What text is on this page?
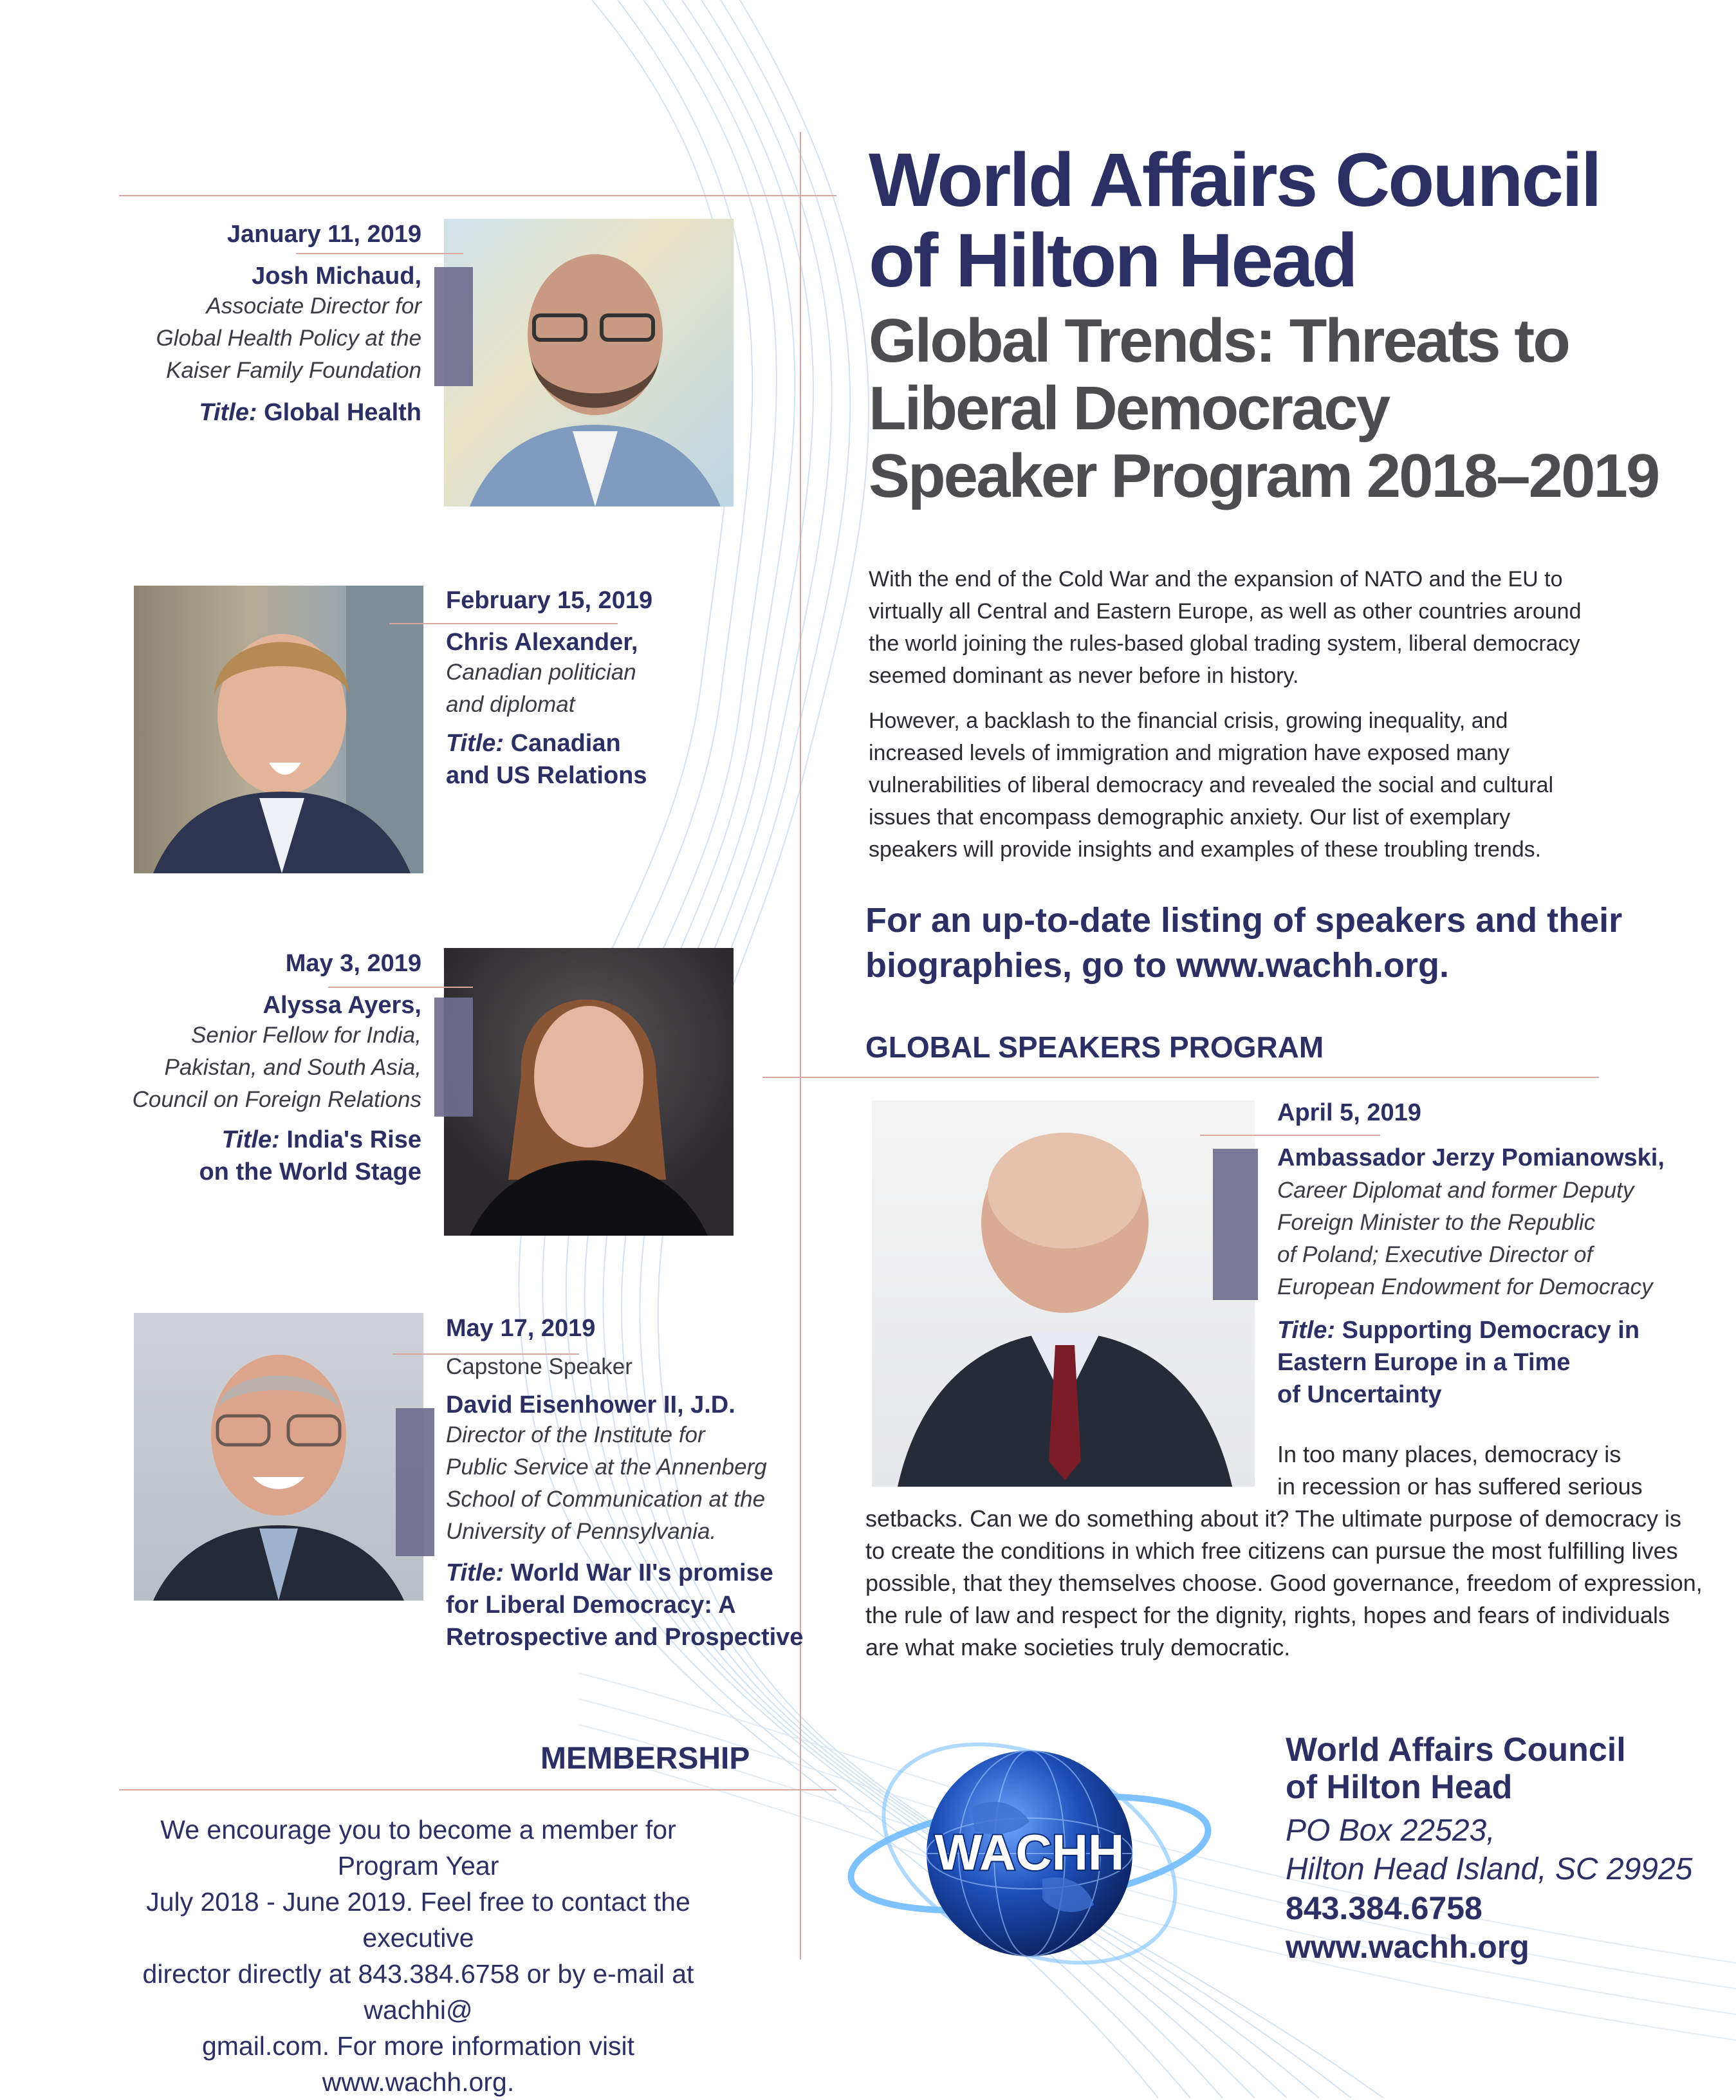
World Affairs Council
of Hilton Head
Global Trends: Threats to
Liberal Democracy
Speaker Program 2018–2019

With the end of the Cold War and the expansion of NATO and the EU to virtually all Central and Eastern Europe, as well as other countries around the world joining the rules-based global trading system, liberal democracy seemed dominant as never before in history.

However, a backlash to the financial crisis, growing inequality, and increased levels of immigration and migration have exposed many vulnerabilities of liberal democracy and revealed the social and cultural issues that encompass demographic anxiety. Our list of exemplary speakers will provide insights and examples of these troubling trends.

For an up-to-date listing of speakers and their
biographies, go to www.wachh.org.
GLOBAL SPEAKERS PROGRAM
April 5, 2019
Ambassador Jerzy Pomianowski,
Career Diplomat and former Deputy
Foreign Minister to the Republic
of Poland; Executive Director of
European Endowment for Democracy
Title: Supporting Democracy in
Eastern Europe in a Time
of Uncertainty
In too many places, democracy is
in recession or has suffered serious
setbacks. Can we do something about it? The ultimate purpose of democracy is
to create the conditions in which free citizens can pursue the most fulfilling lives
possible, that they themselves choose. Good governance, freedom of expression,
the rule of law and respect for the dignity, rights, hopes and fears of individuals
are what make societies truly democratic.
January 11, 2019
Josh Michaud,
Associate Director for
Global Health Policy at the
Kaiser Family Foundation
Title: Global Health
February 15, 2019
Chris Alexander,
Canadian politician
and diplomat
Title: Canadian
and US Relations
May 3, 2019
Alyssa Ayers,
Senior Fellow for India,
Pakistan, and South Asia,
Council on Foreign Relations
Title: India's Rise
on the World Stage
May 17, 2019
Capstone Speaker
David Eisenhower II, J.D.
Director of the Institute for
Public Service at the Annenberg
School of Communication at the
University of Pennsylvania.
Title: World War II's promise
for Liberal Democracy: A
Retrospective and Prospective
MEMBERSHIP
We encourage you to become a member for Program Year
July 2018 - June 2019. Feel free to contact the executive
director directly at 843.384.6758 or by e-mail at wachhi@
gmail.com. For more information visit www.wachh.org.
WACHH
World Affairs Council
of Hilton Head
PO Box 22523,
Hilton Head Island, SC 29925
843.384.6758
www.wachh.org
